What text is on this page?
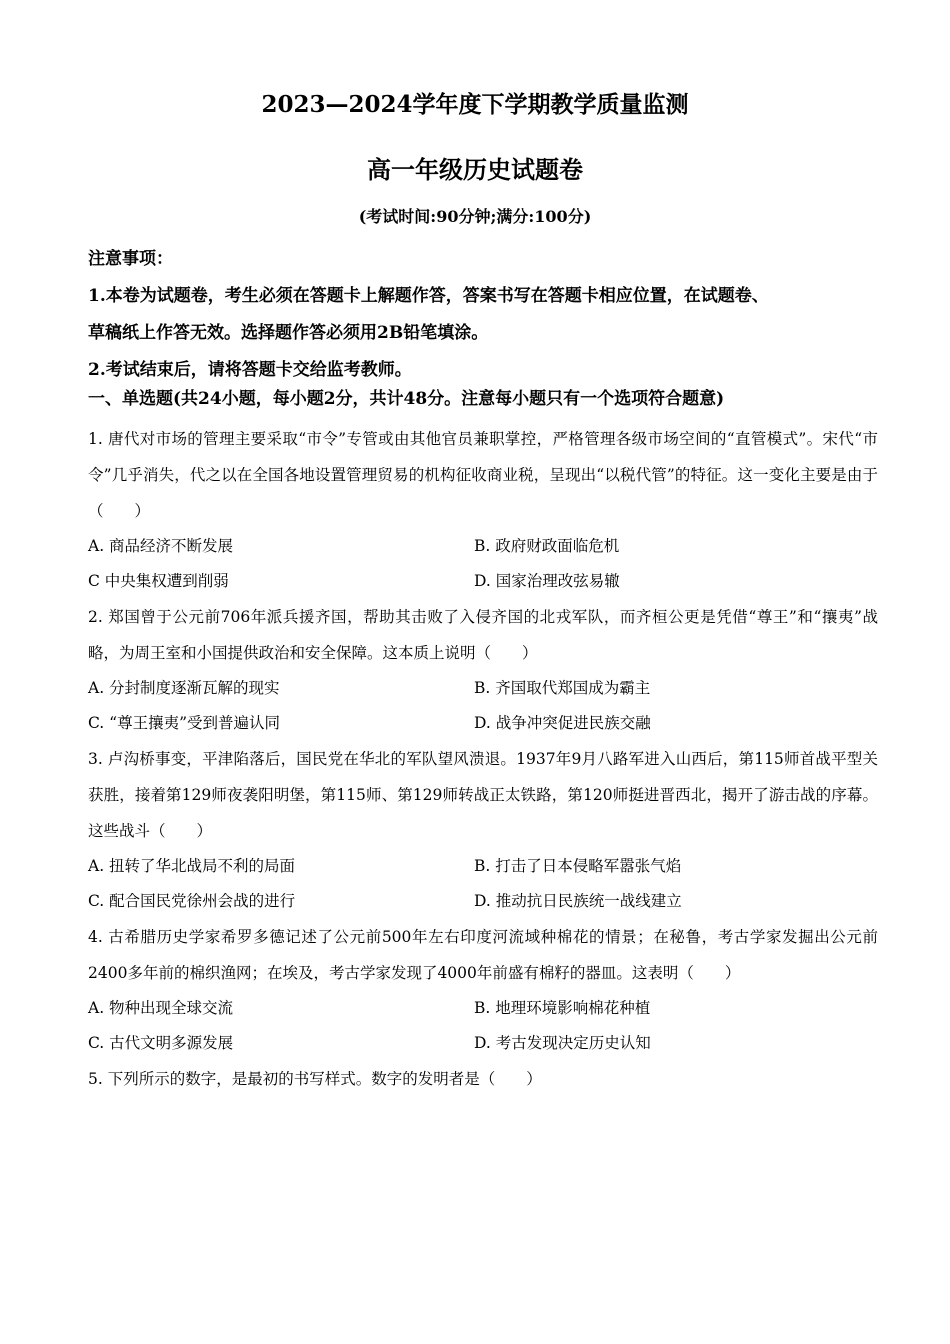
2023—2024学年度下学期教学质量监测
高一年级历史试题卷
(考试时间:90分钟;满分:100分)
注意事项：
1.本卷为试题卷，考生必须在答题卡上解题作答，答案书写在答题卡相应位置，在试题卷、
草稿纸上作答无效。选择题作答必须用2B铅笔填涂。
2.考试结束后，请将答题卡交给监考教师。
一、单选题(共24小题，每小题2分，共计48分。注意每小题只有一个选项符合题意)
1. 唐代对市场的管理主要采取“市令”专管或由其他官员兼职掌控，严格管理各级市场空间的“直管模式”。宋代“市令”几乎消失，代之以在全国各地设置管理贸易的机构征收商业税，呈现出“以税代管”的特征。这一变化主要是由于（　　）
A. 商品经济不断发展	B. 政府财政面临危机
C 中央集权遭到削弱	D. 国家治理改弦易辙
2. 郑国曾于公元前706年派兵援齐国，帮助其击败了入侵齐国的北戎军队，而齐桓公更是凭借“尊王”和“攘夷”战略，为周王室和小国提供政治和安全保障。这本质上说明（　　）
A. 分封制度逐渐瓦解的现实	B. 齐国取代郑国成为霸主
C. “尊王攘夷”受到普遍认同	D. 战争冲突促进民族交融
3. 卢沟桥事变，平津陷落后，国民党在华北的军队望风溃退。1937年9月八路军进入山西后，第115师首战平型关获胜，接着第129师夜袭阳明堡，第115师、第129师转战正太铁路，第120师挺进晋西北，揭开了游击战的序幕。这些战斗（　　）
A. 扭转了华北战局不利的局面	B. 打击了日本侵略军嚣张气焰
C. 配合国民党徐州会战的进行	D. 推动抗日民族统一战线建立
4. 古希腊历史学家希罗多德记述了公元前500年左右印度河流域种棉花的情景；在秘鲁，考古学家发掘出公元前2400多年前的棉织渔网；在埃及，考古学家发现了4000年前盛有棉籽的器皿。这表明（　　）
A. 物种出现全球交流	B. 地理环境影响棉花种植
C. 古代文明多源发展	D. 考古发现决定历史认知
5. 下列所示的数字，是最初的书写样式。数字的发明者是（　　）
